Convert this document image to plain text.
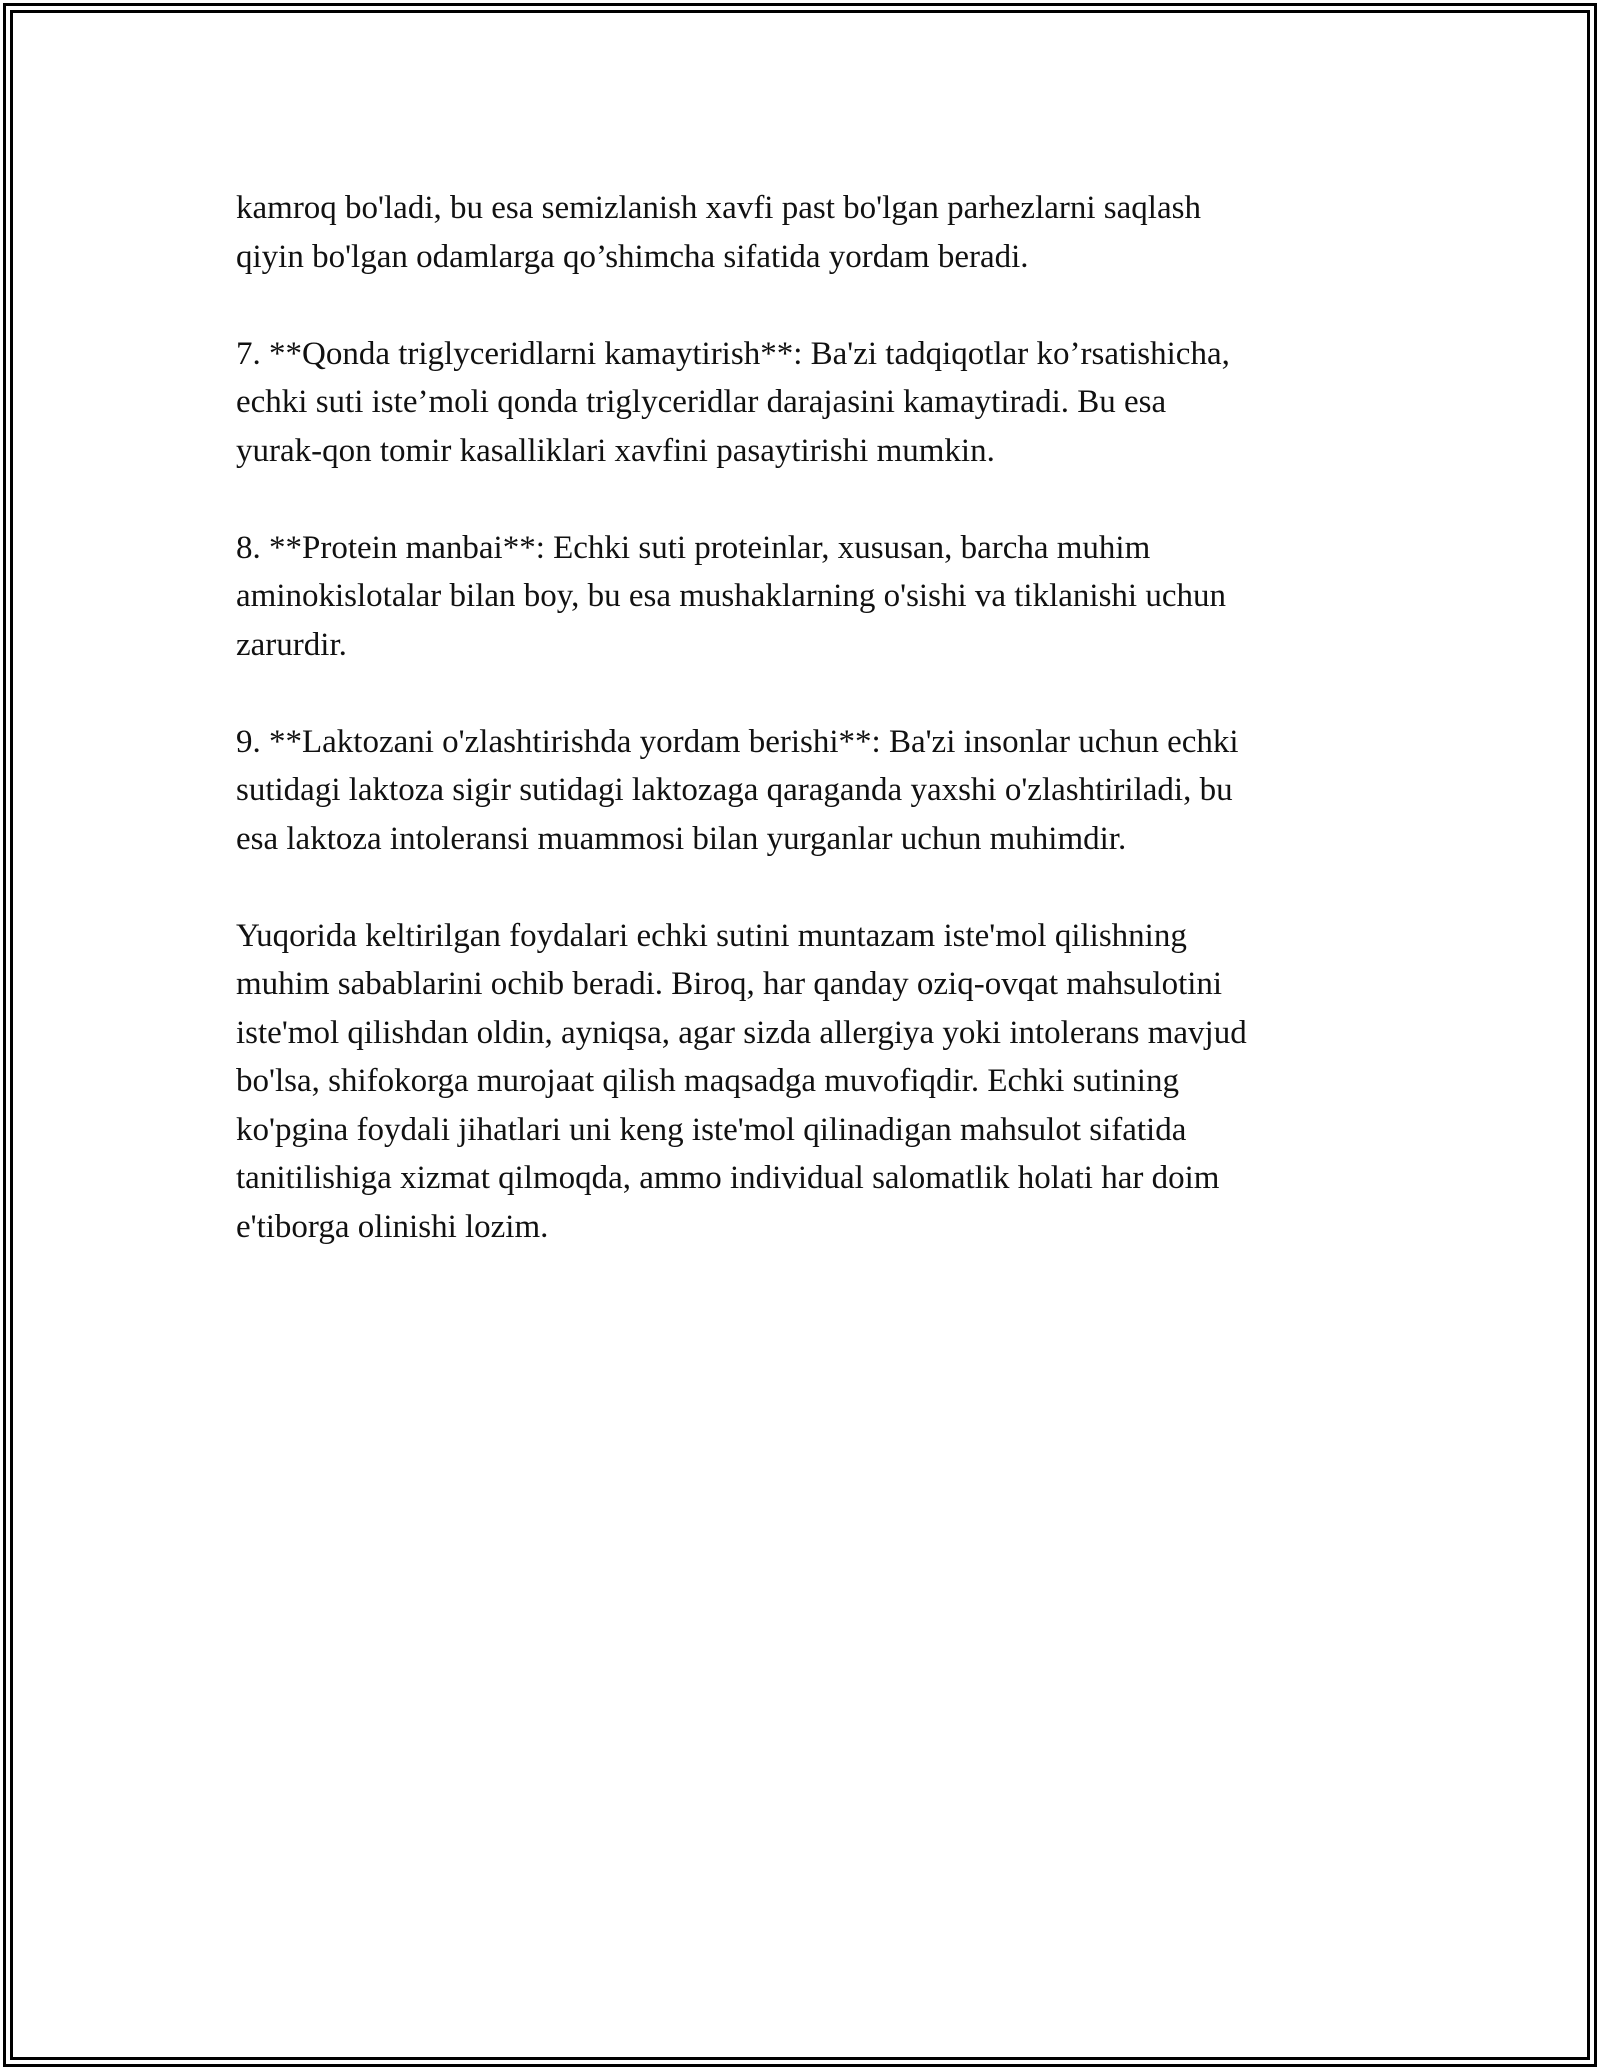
kamroq bo'ladi, bu esa semizlanish xavfi past bo'lgan parhezlarni saqlash
qiyin bo'lgan odamlarga qo’shimcha sifatida yordam beradi.

7. **Qonda triglyceridlarni kamaytirish**: Ba'zi tadqiqotlar ko’rsatishicha,
echki suti iste’moli qonda triglyceridlar darajasini kamaytiradi. Bu esa
yurak-qon tomir kasalliklari xavfini pasaytirishi mumkin.

8. **Protein manbai**: Echki suti proteinlar, xususan, barcha muhim
aminokislotalar bilan boy, bu esa mushaklarning o'sishi va tiklanishi uchun
zarurdir.

9. **Laktozani o'zlashtirishda yordam berishi**: Ba'zi insonlar uchun echki
sutidagi laktoza sigir sutidagi laktozaga qaraganda yaxshi o'zlashtiriladi, bu
esa laktoza intoleransi muammosi bilan yurganlar uchun muhimdir.

Yuqorida keltirilgan foydalari echki sutini muntazam iste'mol qilishning
muhim sabablarini ochib beradi. Biroq, har qanday oziq-ovqat mahsulotini
iste'mol qilishdan oldin, ayniqsa, agar sizda allergiya yoki intolerans mavjud
bo'lsa, shifokorga murojaat qilish maqsadga muvofiqdir. Echki sutining
ko'pgina foydali jihatlari uni keng iste'mol qilinadigan mahsulot sifatida
tanitilishiga xizmat qilmoqda, ammo individual salomatlik holati har doim
e'tiborga olinishi lozim.
